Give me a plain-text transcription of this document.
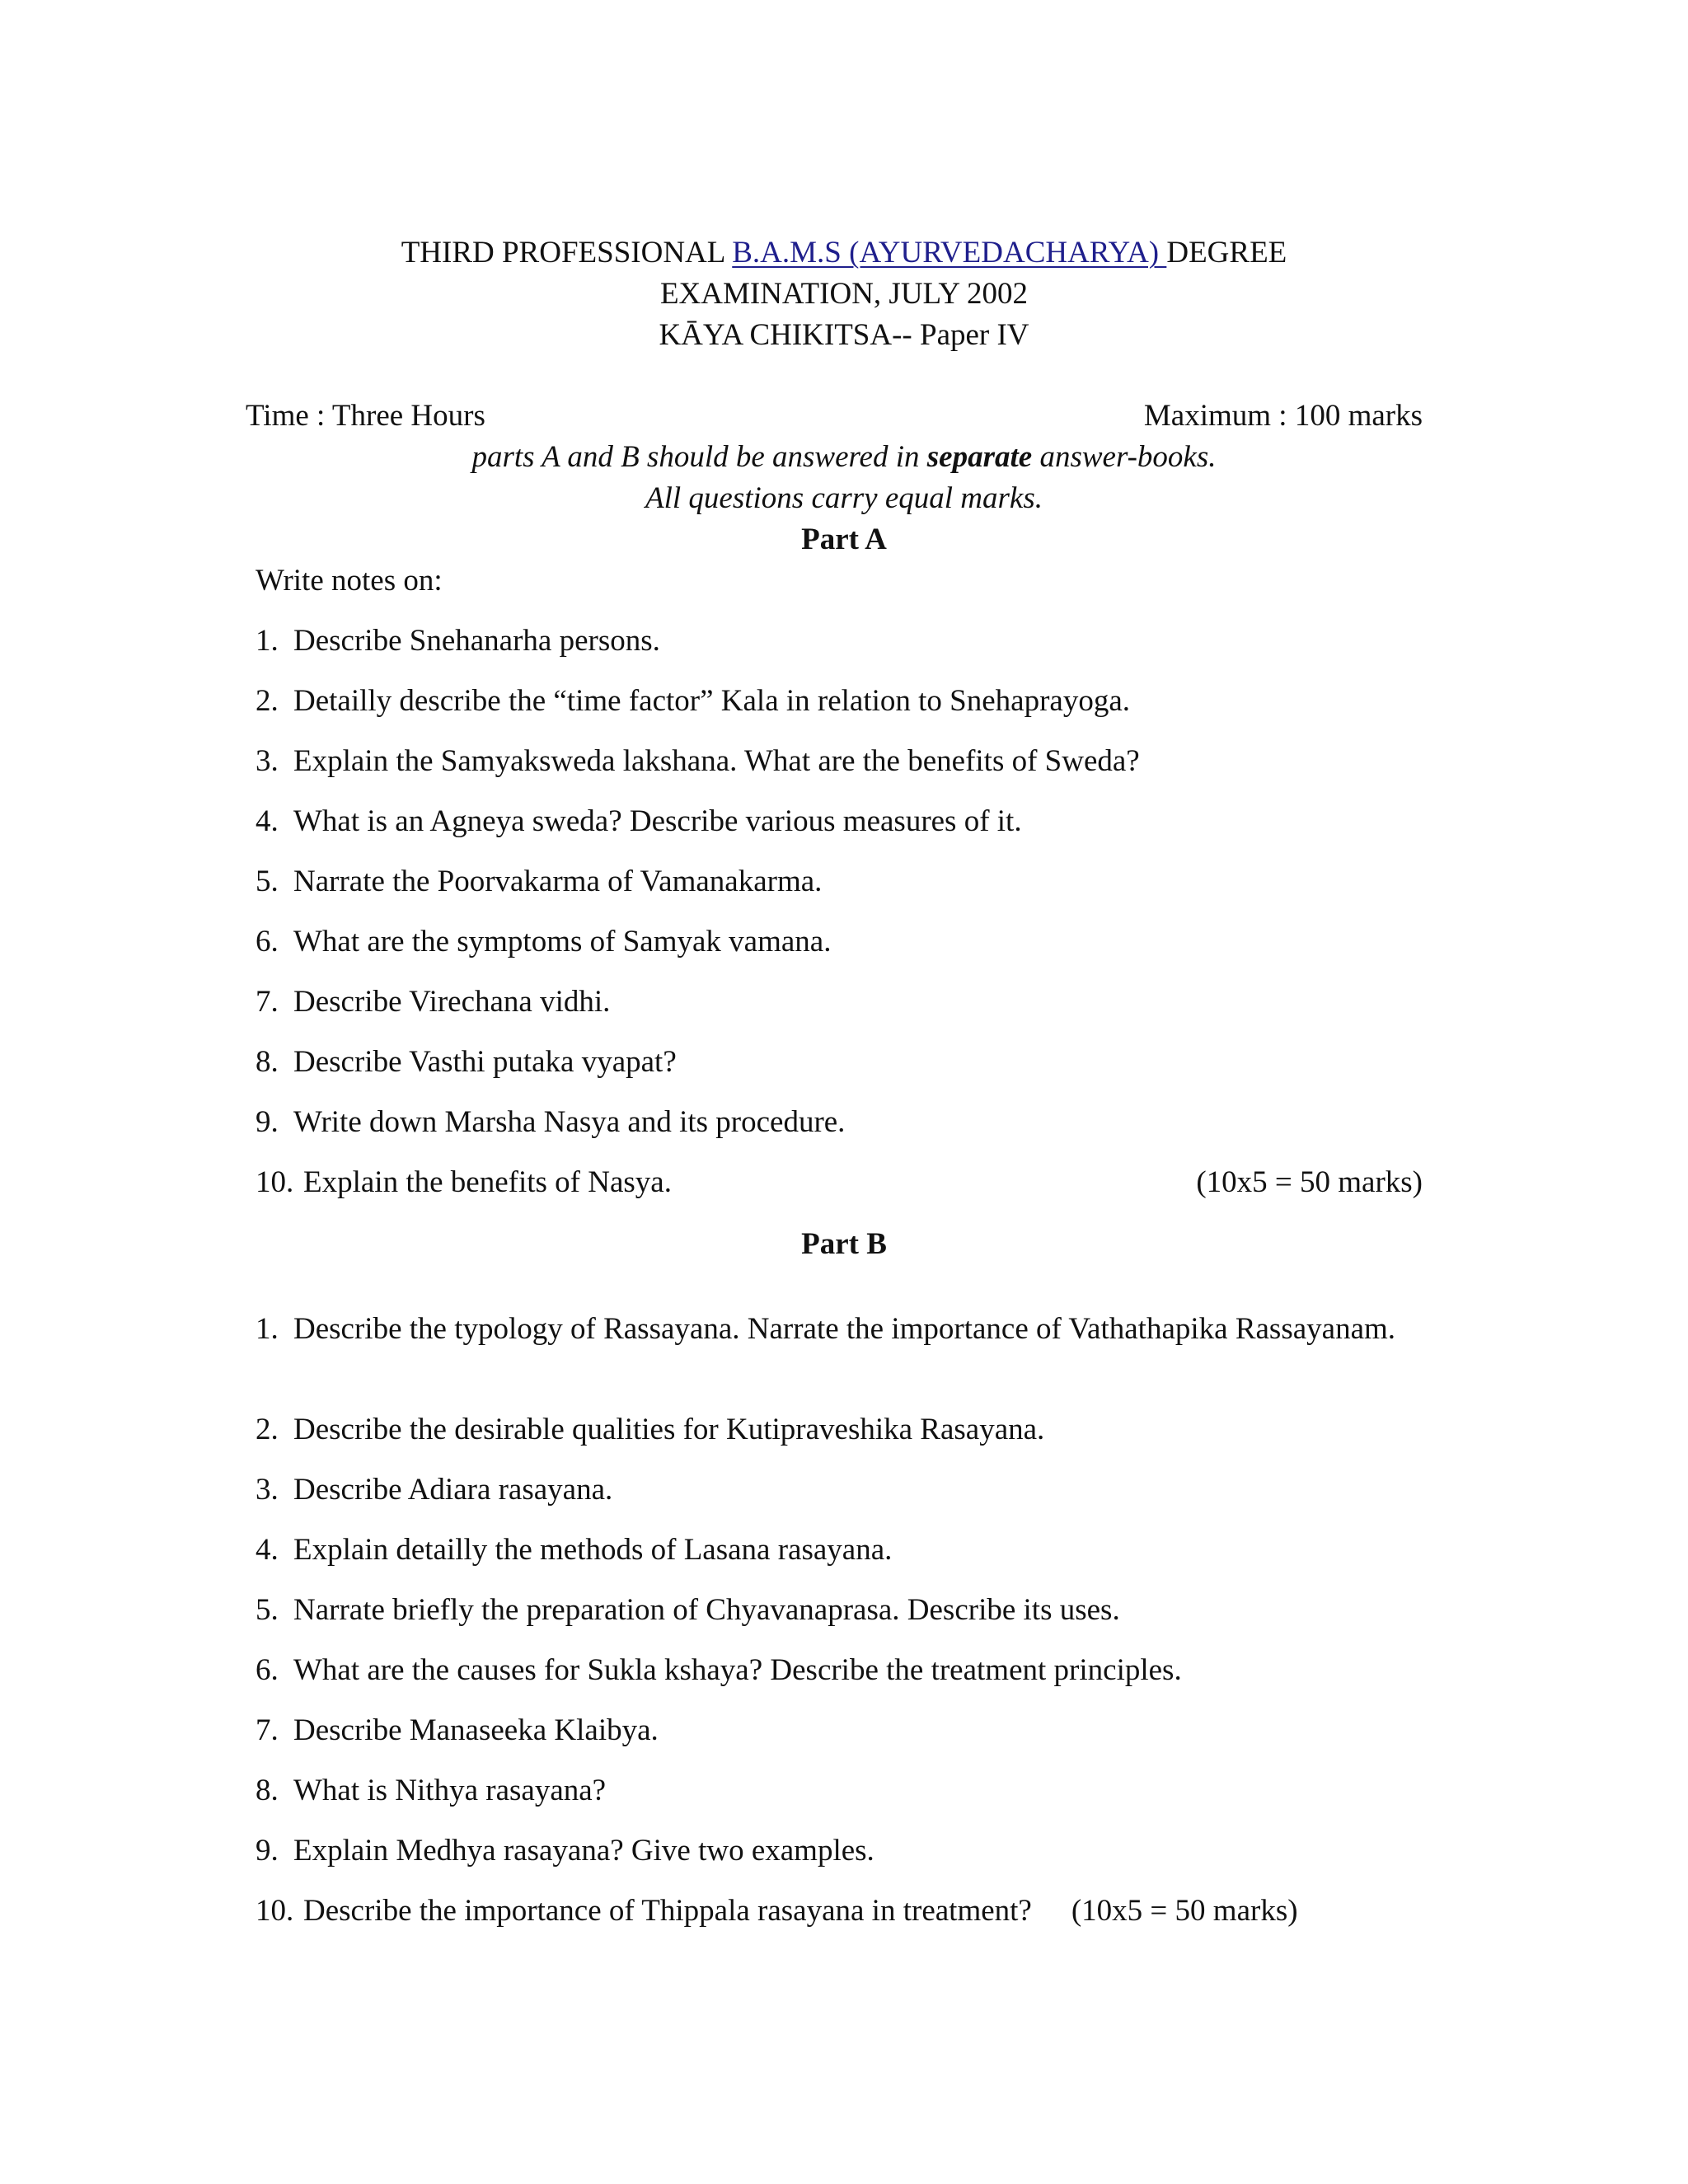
THIRD PROFESSIONAL B.A.M.S (AYURVEDACHARYA) DEGREE
EXAMINATION, JULY 2002
KĀYA CHIKITSA-- Paper IV
Time : Three Hours	Maximum : 100 marks
parts A and B should be answered in separate answer-books.
All questions carry equal marks.
Part A
Write notes on:
1. Describe Snehanarha persons.
2. Detailly describe the “time factor” Kala in relation to Snehaprayoga.
3. Explain the Samyaksweda lakshana. What are the benefits of Sweda?
4. What is an Agneya sweda? Describe various measures of it.
5. Narrate the Poorvakarma of Vamanakarma.
6. What are the symptoms of Samyak vamana.
7. Describe Virechana vidhi.
8. Describe Vasthi putaka vyapat?
9. Write down Marsha Nasya and its procedure.
10. Explain the benefits of Nasya.	(10x5 = 50 marks)
Part B
1. Describe the typology of Rassayana. Narrate the importance of Vathathapika Rassayanam.
2. Describe the desirable qualities for Kutipraveshika Rasayana.
3. Describe Adiara rasayana.
4. Explain detailly the methods of Lasana rasayana.
5. Narrate briefly the preparation of Chyavanaprasa. Describe its uses.
6. What are the causes for Sukla kshaya? Describe the treatment principles.
7. Describe Manaseeka Klaibya.
8. What is Nithya rasayana?
9. Explain Medhya rasayana? Give two examples.
10. Describe the importance of Thippala rasayana in treatment? (10x5 = 50 marks)
